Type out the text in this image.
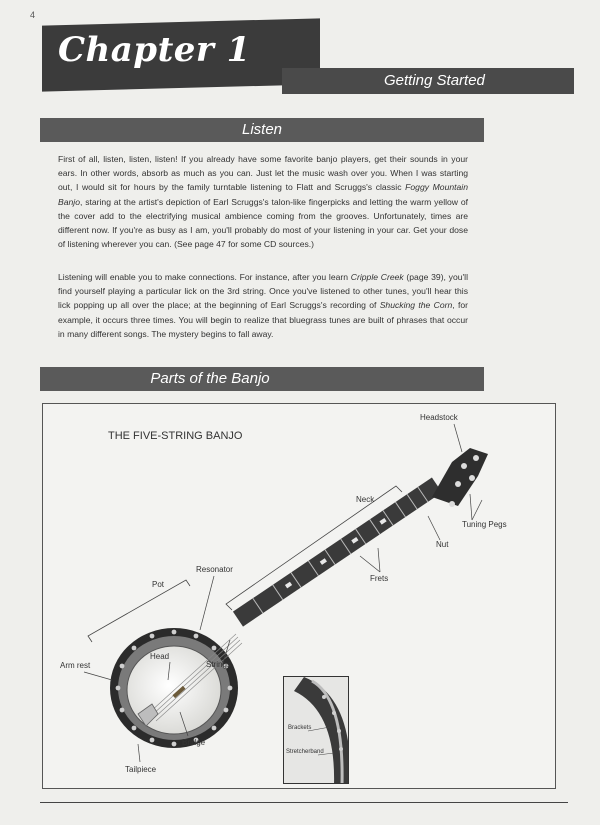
4
Chapter 1
Getting Started
Listen

First of all, listen, listen, listen! If you already have some favorite banjo players, get their sounds in your ears. In other words, absorb as much as you can. Just let the music wash over you. When I was starting out, I would sit for hours by the family turntable listening to Flatt and Scruggs's classic Foggy Mountain Banjo, staring at the artist's depiction of Earl Scruggs's talon-like fingerpicks and letting the warm yellow of the cover add to the electrifying musical ambience coming from the grooves. Unfortunately, times are different now. If you're as busy as I am, you'll probably do most of your listening in your car. Get your dose of listening wherever you can. (See page 47 for some CD sources.)

Listening will enable you to make connections. For instance, after you learn Cripple Creek (page 39), you'll find yourself playing a particular lick on the 3rd string. Once you've listened to other tunes, you'll hear this lick popping up all over the place; at the beginning of Earl Scruggs's recording of Shucking the Corn, for example, it occurs three times. You will begin to realize that bluegrass tunes are built of phrases that occur in many different songs. The mystery begins to fall away.

Parts of the Banjo
THE FIVE-STRING BANJO
Headstock
Neck
Tuning Pegs
Nut
Frets
Resonator
Pot
Arm rest
Head
Strings
Bridge
Tailpiece
Brackets
Stretcherband
